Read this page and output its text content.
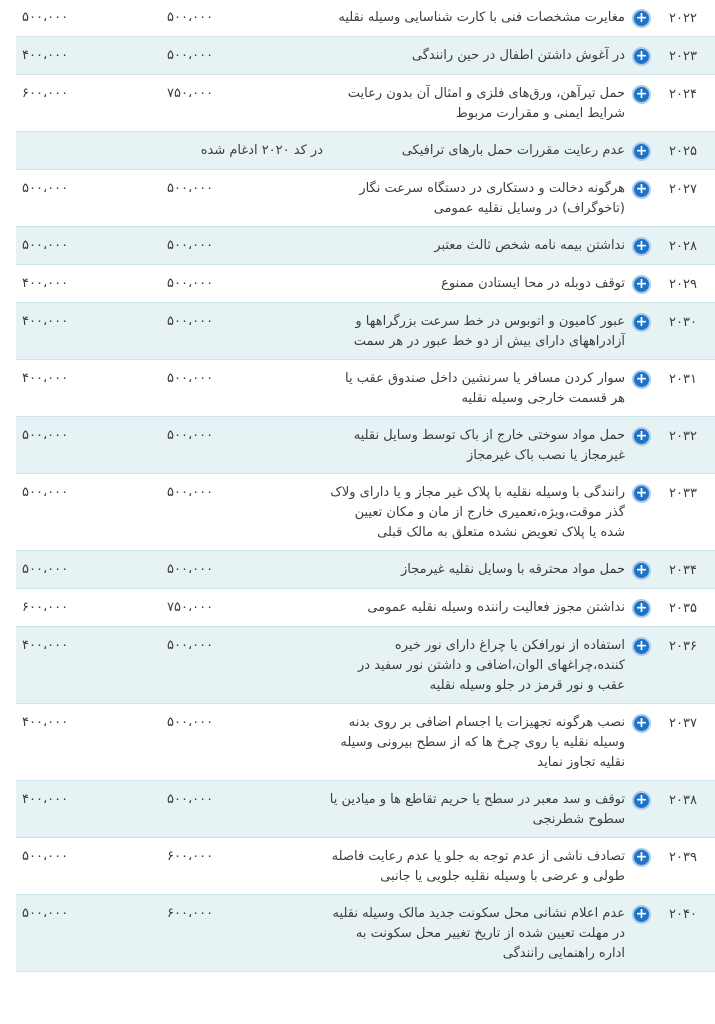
۲۰۲۲	+	مغایرت مشخصات فنی با کارت شناسایی وسیله نقلیه	۵۰۰،۰۰۰	۵۰۰،۰۰۰
۲۰۲۳	+	در آغوش داشتن اطفال در حین رانندگی	۵۰۰،۰۰۰	۴۰۰،۰۰۰
۲۰۲۴	+	حمل تیرآهن، ورق‌های فلزی و امثال آن بدون رعایت شرایط ایمنی و مقرارت مربوط	۷۵۰،۰۰۰	۶۰۰،۰۰۰
۲۰۲۵	+	عدم رعایت مقررات حمل بارهای ترافیکی	در کد ۲۰۲۰ ادغام شده	
۲۰۲۷	+	هرگونه دخالت و دستکاری در دستگاه سرعت نگار (تاخوگراف) در وسایل نقلیه عمومی	۵۰۰،۰۰۰	۵۰۰،۰۰۰
۲۰۲۸	+	نداشتن بیمه نامه شخص ثالث معتبر	۵۰۰،۰۰۰	۵۰۰،۰۰۰
۲۰۲۹	+	توقف دوبله در محا ایستادن ممنوع	۵۰۰،۰۰۰	۴۰۰،۰۰۰
۲۰۳۰	+	عبور کامیون و اتوبوس در خط سرعت بزرگراهها و آزادراههای دارای بیش از دو خط عبور در هر سمت	۵۰۰،۰۰۰	۴۰۰،۰۰۰
۲۰۳۱	+	سوار کردن مسافر یا سرنشین داخل صندوق عقب یا هر قسمت خارجی وسیله نقلیه	۵۰۰،۰۰۰	۴۰۰،۰۰۰
۲۰۳۲	+	حمل مواد سوختی خارج از باک توسط وسایل نقلیه غیرمجاز یا نصب باک غیرمجاز	۵۰۰،۰۰۰	۵۰۰،۰۰۰
۲۰۳۳	+	رانندگی با وسیله نقلیه با پلاک غیر مجاز و یا دارای ولاک گذر موقت،ویژه،تعمیری خارج از مان و مکان تعیین شده یا پلاک تعویض نشده متعلق به مالک قبلی	۵۰۰،۰۰۰	۵۰۰،۰۰۰
۲۰۳۴	+	حمل مواد محترقه با وسایل نقلیه غیرمجاز	۵۰۰،۰۰۰	۵۰۰،۰۰۰
۲۰۳۵	+	نداشتن مجوز فعالیت راننده وسیله نقلیه عمومی	۷۵۰،۰۰۰	۶۰۰،۰۰۰
۲۰۳۶	+	استفاده از نورافکن یا چراغ دارای نور خیره کننده،چراغهای الوان،اضافی و داشتن نور سفید در عقب و نور قرمز در جلو وسیله نقلیه	۵۰۰،۰۰۰	۴۰۰،۰۰۰
۲۰۳۷	+	نصب هرگونه تجهیزات یا اجسام اضافی بر روی بدنه وسیله نقلیه یا روی چرخ ها که از سطح بیرونی وسیله نقلیه تجاوز نماید	۵۰۰،۰۰۰	۴۰۰،۰۰۰
۲۰۳۸	+	توقف و سد معبر در سطح یا حریم تقاطع ها و میادین یا سطوح شطرنجی	۵۰۰،۰۰۰	۴۰۰،۰۰۰
۲۰۳۹	+	تصادف ناشی از عدم توجه به جلو یا عدم رعایت فاصله طولی و عرضی با وسیله نقلیه جلویی یا جانبی	۶۰۰،۰۰۰	۵۰۰،۰۰۰
۲۰۴۰	+	عدم اعلام نشانی محل سکونت جدید مالک وسیله نقلیه در مهلت تعیین شده از تاریخ تغییر محل سکونت به اداره راهنمایی رانندگی	۶۰۰،۰۰۰	۵۰۰،۰۰۰
